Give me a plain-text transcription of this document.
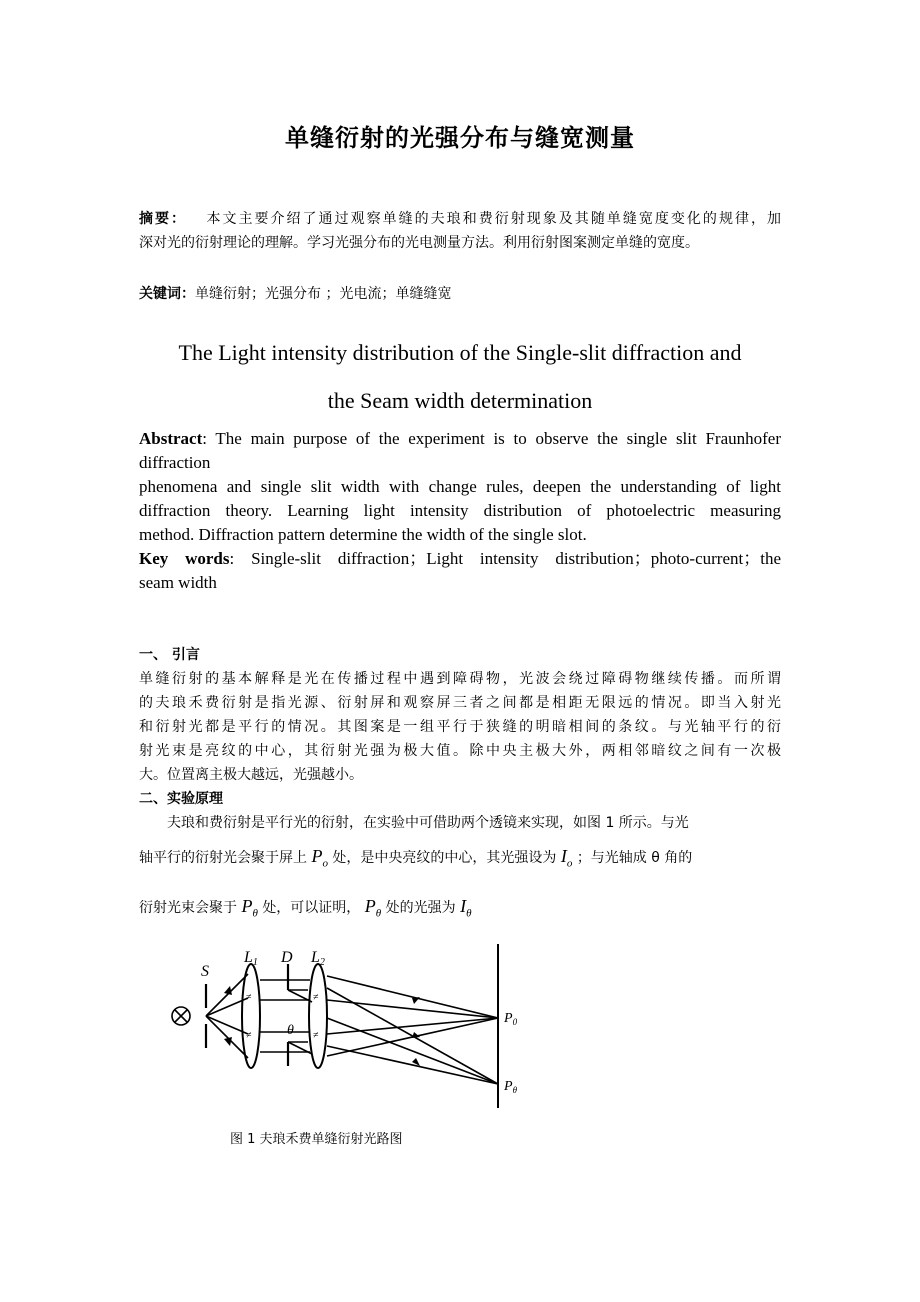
单缝衍射的光强分布与缝宽测量
摘要： 本文主要介绍了通过观察单缝的夫琅和费衍射现象及其随单缝宽度变化的规律，加
深对光的衍射理论的理解。学习光强分布的光电测量方法。利用衍射图案测定单缝的宽度。
关键词：单缝衍射；光强分布 ；光电流；单缝缝宽
The Light intensity distribution of the Single-slit diffraction and
the Seam width determination
Abstract: The main purpose of the experiment is to observe the single slit Fraunhofer
diffraction
phenomena and single slit width with change rules, deepen the understanding of light
diffraction theory. Learning light intensity distribution of photoelectric measuring
method. Diffraction pattern determine the width of the single slot.
Key words: Single-slit diffraction；Light intensity distribution；photo-current；the
seam width
一、 引言
单缝衍射的基本解释是光在传播过程中遇到障碍物，光波会绕过障碍物继续传播。而所谓
的夫琅禾费衍射是指光源、衍射屏和观察屏三者之间都是相距无限远的情况。即当入射光
和衍射光都是平行的情况。其图案是一组平行于狭缝的明暗相间的条纹。与光轴平行的衍
射光束是亮纹的中心，其衍射光强为极大值。除中央主极大外，两相邻暗纹之间有一次极
大。位置离主极大越远，光强越小。
二、实验原理
夫琅和费衍射是平行光的衍射，在实验中可借助两个透镜来实现，如图 1 所示。与光
轴平行的衍射光会聚于屏上 $P_o$ 处，是中央亮纹的中心，其光强设为 $I_o$ ；与光轴成 θ 角的
衍射光束会聚于 $P_\theta$ 处，可以证明， $P_\theta$ 处的光强为 $I_\theta$
≠
≠
≠
≠
S
L1 D L2
θ
$P_0$
$P_\theta$
图 1 夫琅禾费单缝衍射光路图
